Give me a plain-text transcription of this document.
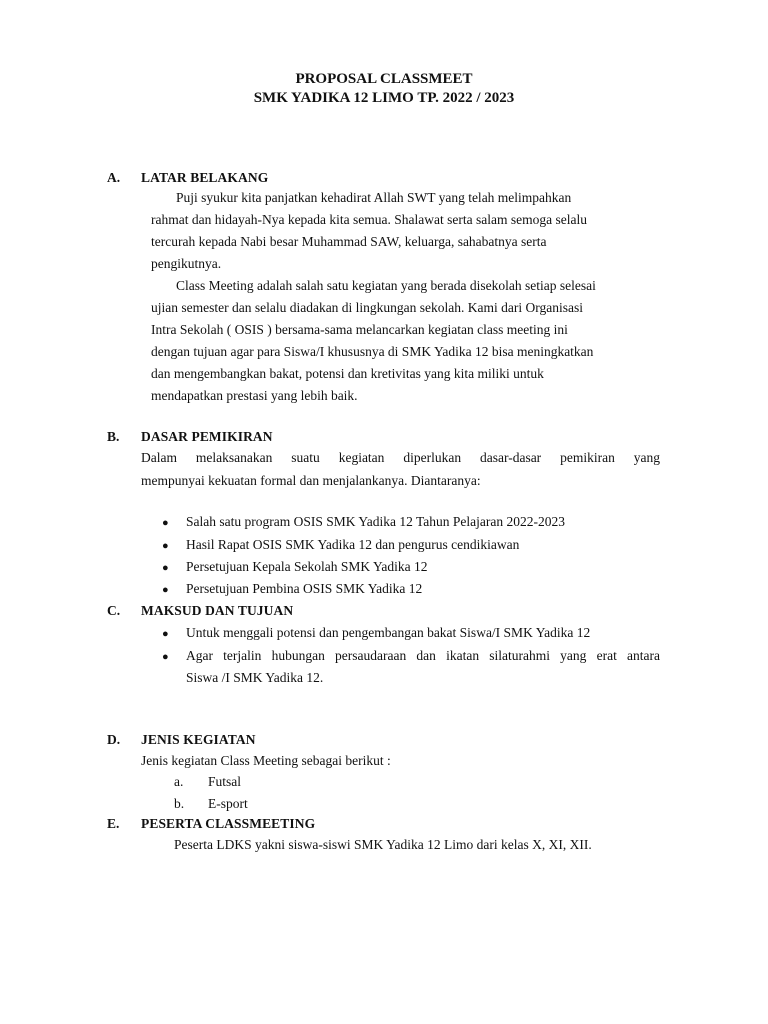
PROPOSAL CLASSMEET
SMK YADIKA 12 LIMO TP. 2022 / 2023
A. LATAR BELAKANG
Puji syukur kita panjatkan kehadirat Allah SWT yang telah melimpahkan
rahmat dan hidayah-Nya kepada kita semua. Shalawat serta salam semoga selalu
tercurah kepada Nabi besar Muhammad SAW, keluarga, sahabatnya serta
pengikutnya.
Class Meeting adalah salah satu kegiatan yang berada disekolah setiap selesai
ujian semester dan selalu diadakan di lingkungan sekolah. Kami dari Organisasi
Intra Sekolah ( OSIS ) bersama-sama melancarkan kegiatan class meeting ini
dengan tujuan agar para Siswa/I khususnya di SMK Yadika 12 bisa meningkatkan
dan mengembangkan bakat, potensi dan kretivitas yang kita miliki untuk
mendapatkan prestasi yang lebih baik.
B. DASAR PEMIKIRAN
Dalam melaksanakan suatu kegiatan diperlukan dasar-dasar pemikiran yang
mempunyai kekuatan formal dan menjalankanya. Diantaranya:
● Salah satu program OSIS SMK Yadika 12 Tahun Pelajaran 2022-2023
● Hasil Rapat OSIS SMK Yadika 12 dan pengurus cendikiawan
● Persetujuan Kepala Sekolah SMK Yadika 12
● Persetujuan Pembina OSIS SMK Yadika 12
C. MAKSUD DAN TUJUAN
● Untuk menggali potensi dan pengembangan bakat Siswa/I SMK Yadika 12
● Agar terjalin hubungan persaudaraan dan ikatan silaturahmi yang erat antara
Siswa /I SMK Yadika 12.
D. JENIS KEGIATAN
Jenis kegiatan Class Meeting sebagai berikut :
a. Futsal
b. E-sport
E. PESERTA CLASSMEETING
Peserta LDKS yakni siswa-siswi SMK Yadika 12 Limo dari kelas X, XI, XII.
